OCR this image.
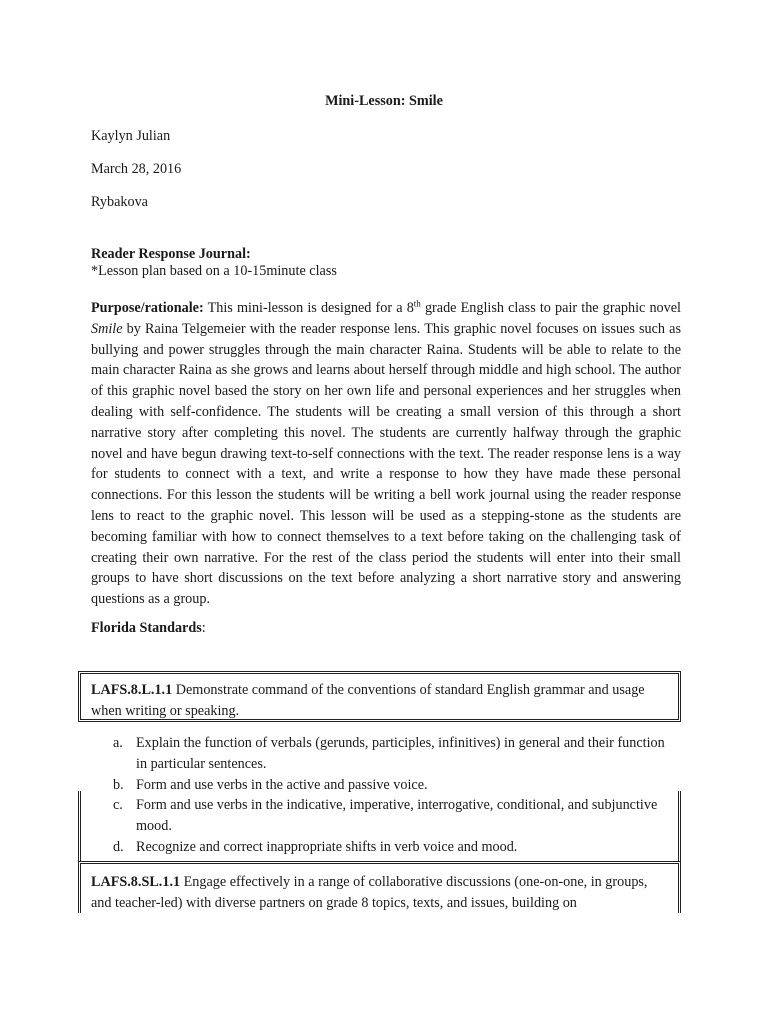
Mini-Lesson: Smile
Kaylyn Julian
March 28, 2016
Rybakova
Reader Response Journal:
*Lesson plan based on a 10-15minute class
Purpose/rationale: This mini-lesson is designed for a 8th grade English class to pair the graphic novel Smile by Raina Telgemeier with the reader response lens. This graphic novel focuses on issues such as bullying and power struggles through the main character Raina. Students will be able to relate to the main character Raina as she grows and learns about herself through middle and high school. The author of this graphic novel based the story on her own life and personal experiences and her struggles when dealing with self-confidence. The students will be creating a small version of this through a short narrative story after completing this novel. The students are currently halfway through the graphic novel and have begun drawing text-to-self connections with the text. The reader response lens is a way for students to connect with a text, and write a response to how they have made these personal connections. For this lesson the students will be writing a bell work journal using the reader response lens to react to the graphic novel. This lesson will be used as a stepping-stone as the students are becoming familiar with how to connect themselves to a text before taking on the challenging task of creating their own narrative. For the rest of the class period the students will enter into their small groups to have short discussions on the text before analyzing a short narrative story and answering questions as a group.
Florida Standards:
LAFS.8.L.1.1 Demonstrate command of the conventions of standard English grammar and usage when writing or speaking.
a. Explain the function of verbals (gerunds, participles, infinitives) in general and their function in particular sentences.
b. Form and use verbs in the active and passive voice.
c. Form and use verbs in the indicative, imperative, interrogative, conditional, and subjunctive mood.
d. Recognize and correct inappropriate shifts in verb voice and mood.
LAFS.8.SL.1.1 Engage effectively in a range of collaborative discussions (one-on-one, in groups, and teacher-led) with diverse partners on grade 8 topics, texts, and issues, building on
